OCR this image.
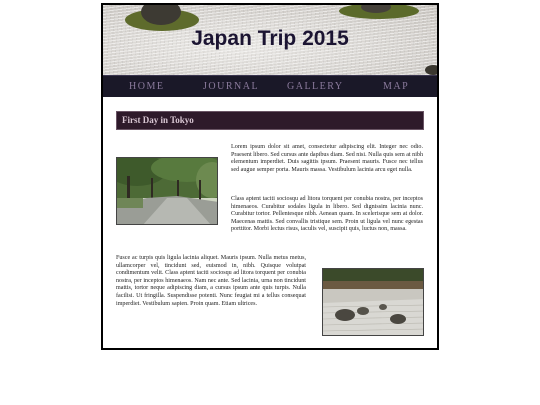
Japan Trip 2015
HOME	JOURNAL	GALLERY	MAP
First Day in Tokyo

Lorem ipsum dolor sit amet, consectetur adipiscing elit. Integer nec odio. Praesent libero. Sed cursus ante dapibus diam. Sed nisi. Nulla quis sem at nibh elementum imperdiet. Duis sagittis ipsum. Praesent mauris. Fusce nec tellus sed augue semper porta. Mauris massa. Vestibulum lacinia arcu eget nulla.

Class aptent taciti sociosqu ad litora torquent per conubia nostra, per inceptos himenaeos. Curabitur sodales ligula in libero. Sed dignissim lacinia nunc. Curabitur tortor. Pellentesque nibh. Aenean quam. In scelerisque sem at dolor. Maecenas mattis. Sed convallis tristique sem. Proin ut ligula vel nunc egestas porttitor. Morbi lectus risus, iaculis vel, suscipit quis, luctus non, massa.

Fusce ac turpis quis ligula lacinia aliquet. Mauris ipsum. Nulla metus metus, ullamcorper vel, tincidunt sed, euismod in, nibh. Quisque volutpat condimentum velit. Class aptent taciti sociosqu ad litora torquent per conubia nostra, per inceptos himenaeos. Nam nec ante. Sed lacinia, urna non tincidunt mattis, tortor neque adipiscing diam, a cursus ipsum ante quis turpis. Nulla facilisi. Ut fringilla. Suspendisse potenti. Nunc feugiat mi a tellus consequat imperdiet. Vestibulum sapien. Proin quam. Etiam ultrices.
